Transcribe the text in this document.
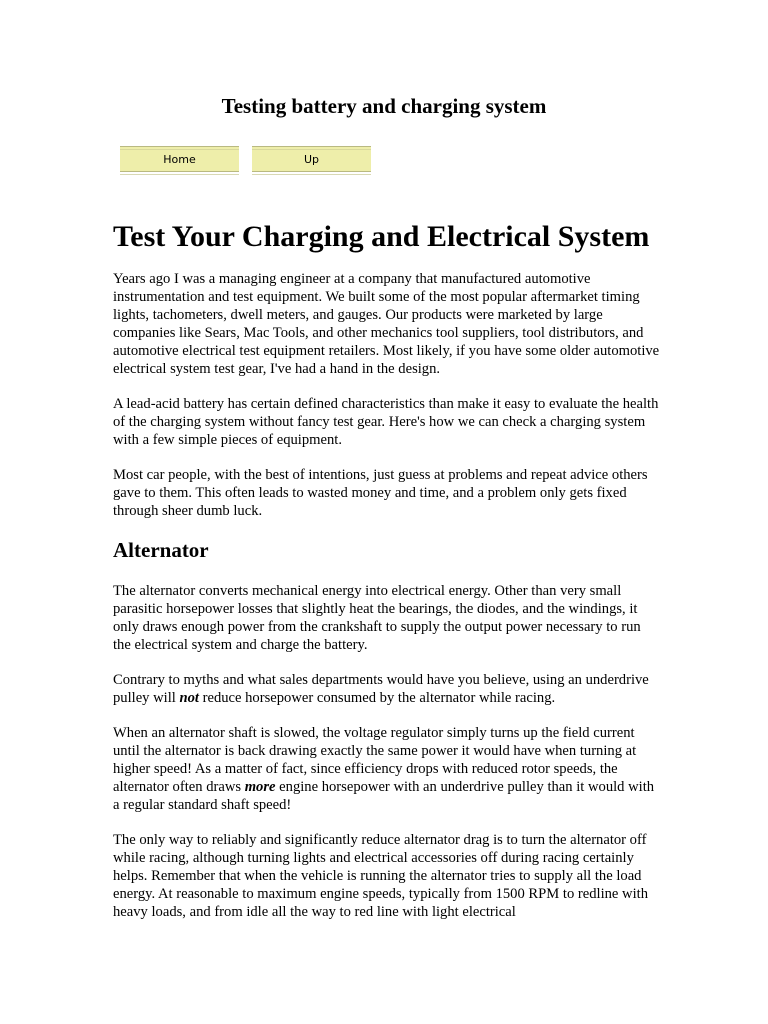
Testing battery and charging system
Home	Up
Test Your Charging and Electrical System

Years ago I was a managing engineer at a company that manufactured automotive instrumentation and test equipment. We built some of the most popular aftermarket timing lights, tachometers, dwell meters, and gauges. Our products were marketed by large companies like Sears, Mac Tools, and other mechanics tool suppliers, tool distributors, and automotive electrical test equipment retailers. Most likely, if you have some older automotive electrical system test gear, I've had a hand in the design.

A lead-acid battery has certain defined characteristics than make it easy to evaluate the health of the charging system without fancy test gear. Here's how we can check a charging system with a few simple pieces of equipment.

Most car people, with the best of intentions, just guess at problems and repeat advice others gave to them. This often leads to wasted money and time, and a problem only gets fixed through sheer dumb luck.

Alternator

The alternator converts mechanical energy into electrical energy. Other than very small parasitic horsepower losses that slightly heat the bearings, the diodes, and the windings, it only draws enough power from the crankshaft to supply the output power necessary to run the electrical system and charge the battery.

Contrary to myths and what sales departments would have you believe, using an underdrive pulley will not reduce horsepower consumed by the alternator while racing.

When an alternator shaft is slowed, the voltage regulator simply turns up the field current until the alternator is back drawing exactly the same power it would have when turning at higher speed! As a matter of fact, since efficiency drops with reduced rotor speeds, the alternator often draws more engine horsepower with an underdrive pulley than it would with a regular standard shaft speed!

The only way to reliably and significantly reduce alternator drag is to turn the alternator off while racing, although turning lights and electrical accessories off during racing certainly helps. Remember that when the vehicle is running the alternator tries to supply all the load energy. At reasonable to maximum engine speeds, typically from 1500 RPM to redline with heavy loads, and from idle all the way to red line with light electrical
